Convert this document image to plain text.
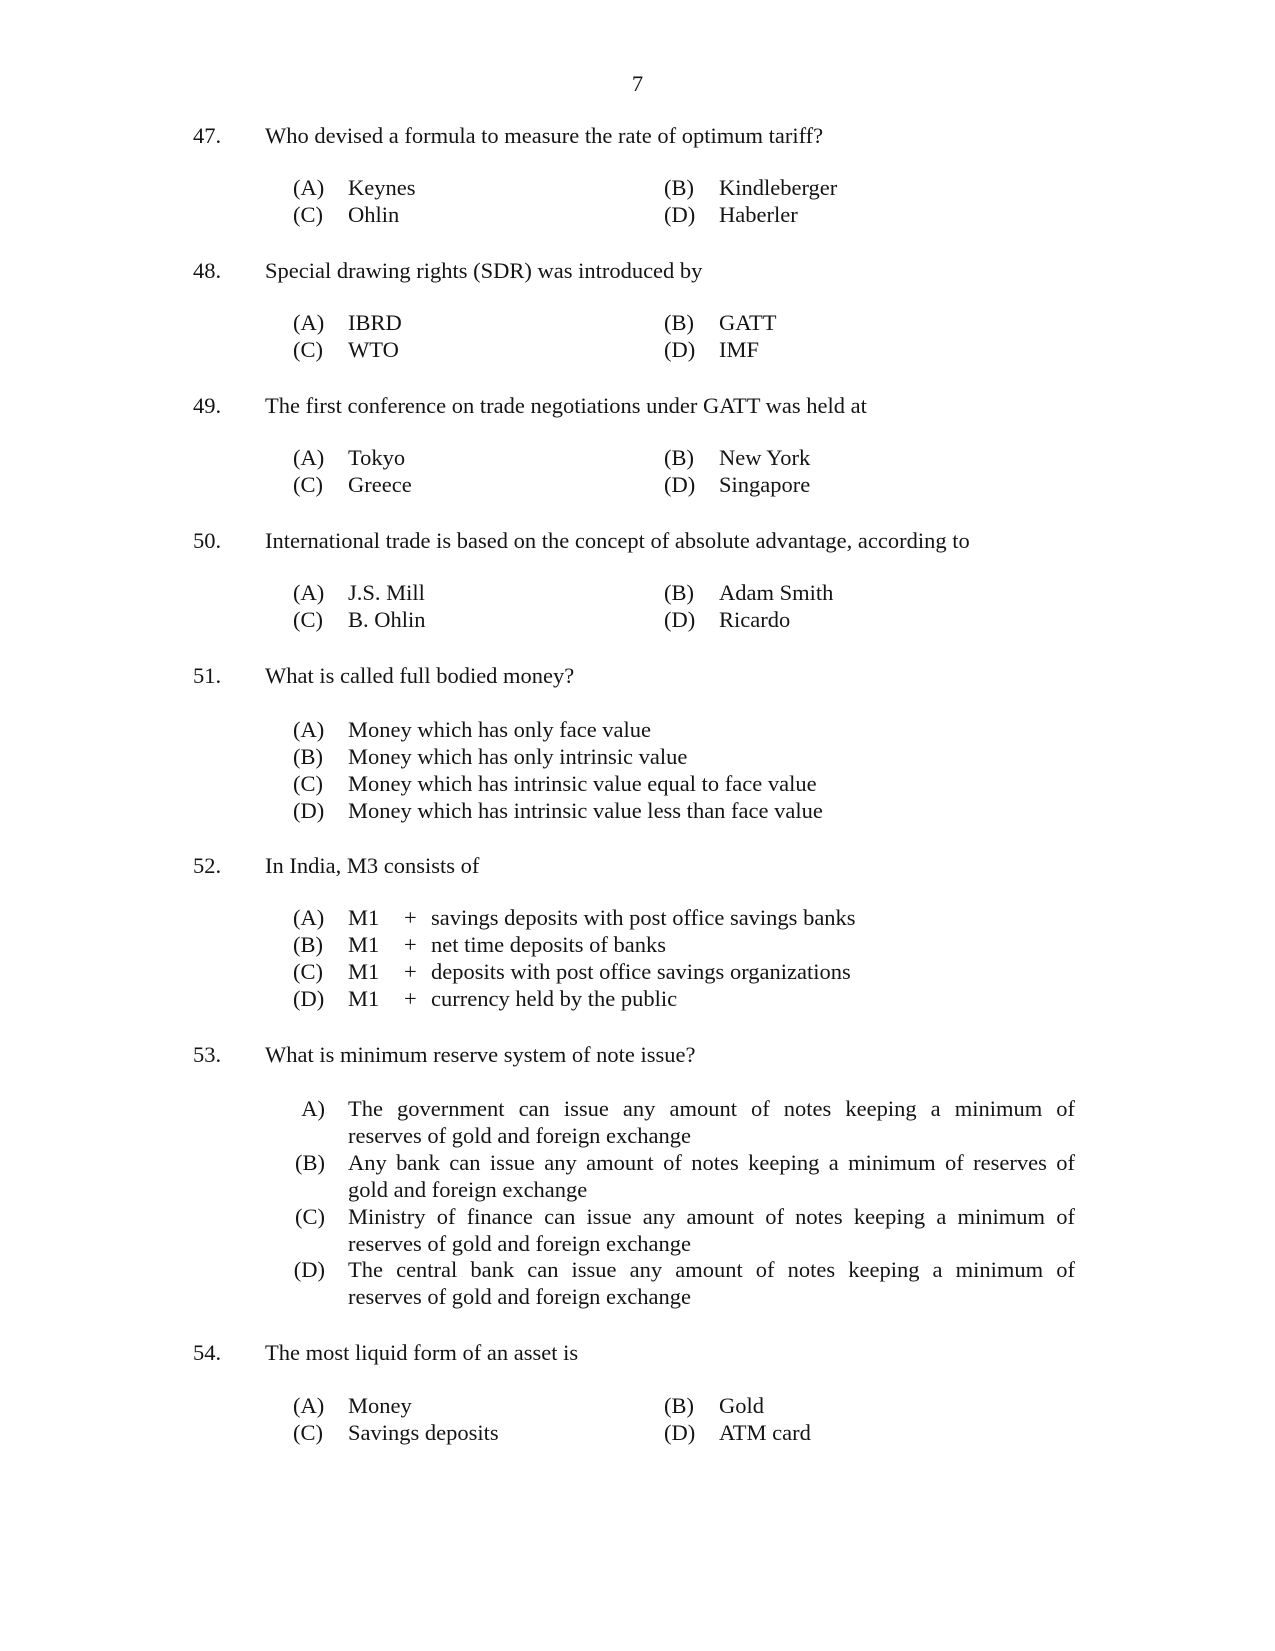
7
47. Who devised a formula to measure the rate of optimum tariff?
(A) Keynes	(B) Kindleberger
(C) Ohlin	(D) Haberler
48. Special drawing rights (SDR) was introduced by
(A) IBRD	(B) GATT
(C) WTO	(D) IMF
49. The first conference on trade negotiations under GATT was held at
(A) Tokyo	(B) New York
(C) Greece	(D) Singapore
50. International trade is based on the concept of absolute advantage, according to
(A) J.S. Mill	(B) Adam Smith
(C) B. Ohlin	(D) Ricardo
51. What is called full bodied money?
(A) Money which has only face value
(B) Money which has only intrinsic value
(C) Money which has intrinsic value equal to face value
(D) Money which has intrinsic value less than face value
52. In India, M3 consists of
(A) M1 + savings deposits with post office savings banks
(B) M1 + net time deposits of banks
(C) M1 + deposits with post office savings organizations
(D) M1 + currency held by the public
53. What is minimum reserve system of note issue?
A) The government can issue any amount of notes keeping a minimum of
reserves of gold and foreign exchange
(B) Any bank can issue any amount of notes keeping a minimum of reserves of
gold and foreign exchange
(C) Ministry of finance can issue any amount of notes keeping a minimum of
reserves of gold and foreign exchange
(D) The central bank can issue any amount of notes keeping a minimum of
reserves of gold and foreign exchange
54. The most liquid form of an asset is
(A) Money	(B) Gold
(C) Savings deposits	(D) ATM card
